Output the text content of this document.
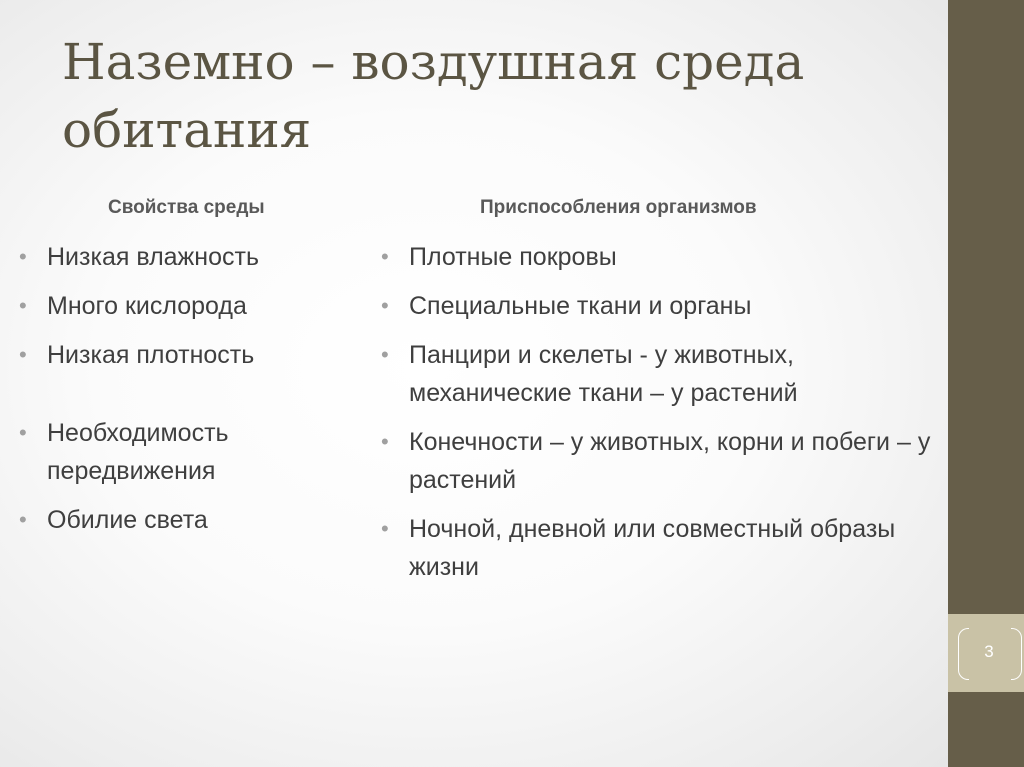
3
Наземно – воздушная среда обитания
Свойства среды	Приспособления организмов
• Низкая влажность
• Много кислорода
• Низкая плотность
• Необходимость передвижения
• Обилие света
• Плотные покровы
• Специальные ткани и органы
• Панцири и скелеты - у животных, механические ткани – у растений
• Конечности – у животных, корни и побеги – у растений
• Ночной, дневной или совместный образы жизни
